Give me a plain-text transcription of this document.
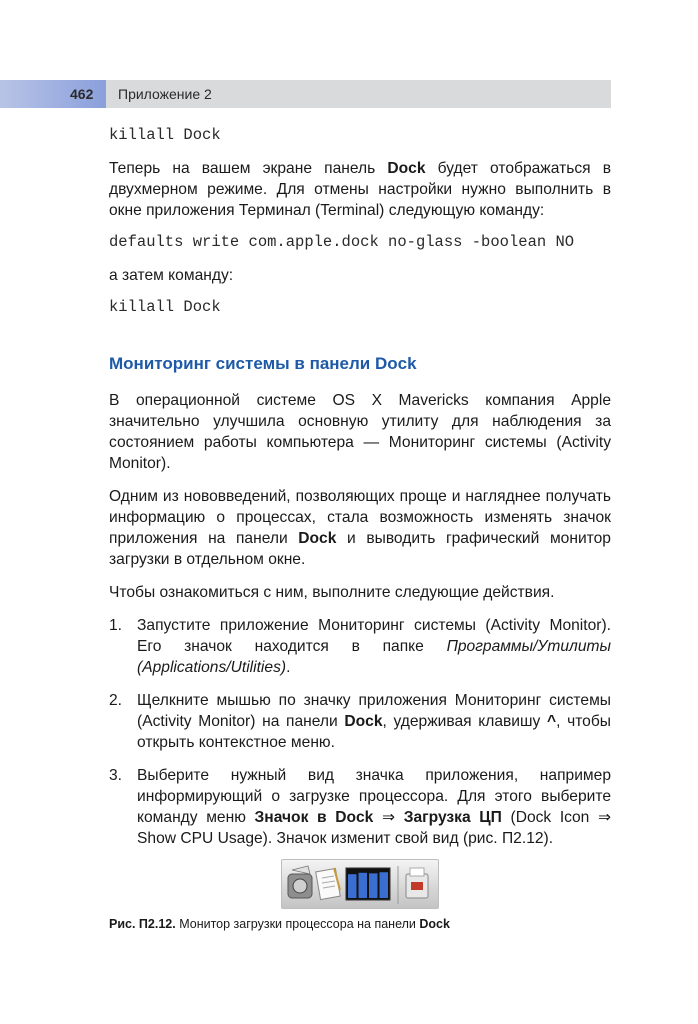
462 Приложение 2
killall Dock

Теперь на вашем экране панель Dock будет отображаться в двухмерном режиме. Для отмены настройки нужно выполнить в окне приложения Терминал (Terminal) следующую команду:

defaults write com.apple.dock no-glass -boolean NO

а затем команду:

killall Dock
Мониторинг системы в панели Dock

В операционной системе OS X Mavericks компания Apple значительно улучшила основную утилиту для наблюдения за состоянием работы компьютера — Мониторинг системы (Activity Monitor).

Одним из нововведений, позволяющих проще и нагляднее получать информацию о процессах, стала возможность изменять значок приложения на панели Dock и выводить графический монитор загрузки в отдельном окне.

Чтобы ознакомиться с ним, выполните следующие действия.

1. Запустите приложение Мониторинг системы (Activity Monitor). Его значок находится в папке Программы/Утилиты (Applications/Utilities).
2. Щелкните мышью по значку приложения Мониторинг системы (Activity Monitor) на панели Dock, удерживая клавишу ^, чтобы открыть контекстное меню.
3. Выберите нужный вид значка приложения, например информирующий о загрузке процессора. Для этого выберите команду меню Значок в Dock ⇒ Загрузка ЦП (Dock Icon ⇒ Show CPU Usage). Значок изменит свой вид (рис. П2.12).
Рис. П2.12. Монитор загрузки процессора на панели Dock
